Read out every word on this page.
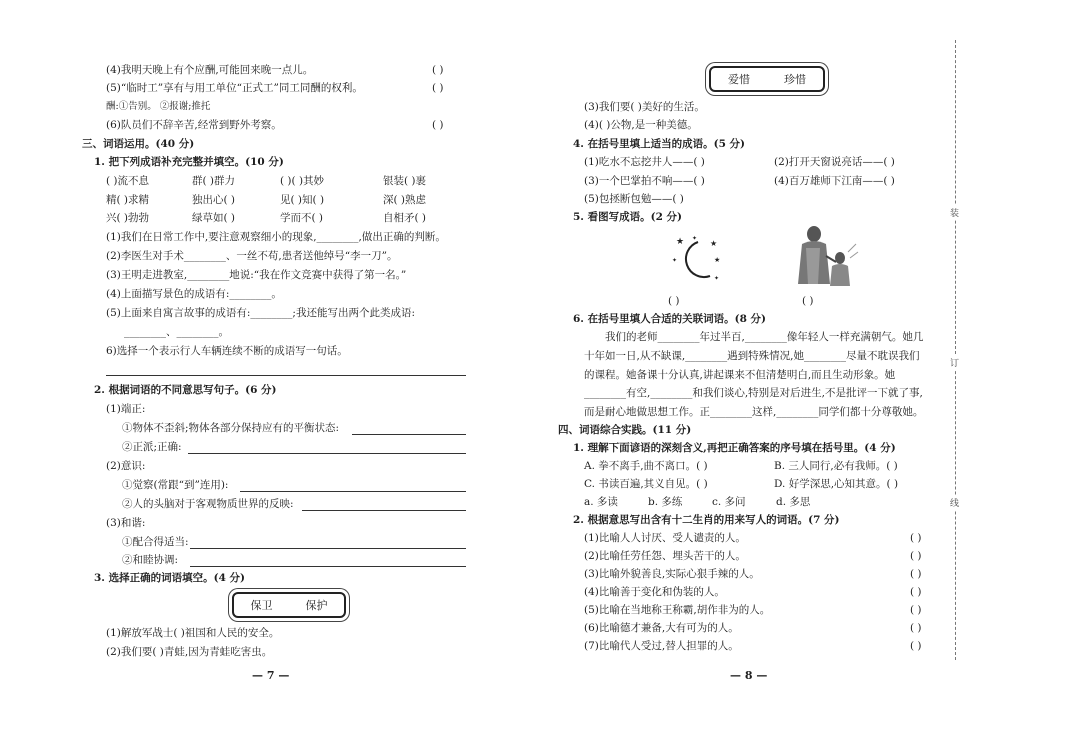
(4)我明天晚上有个应酬,可能回来晚一点儿。	( )
(5)“临时工”享有与用工单位“正式工”同工同酬的权利。	( )
酬:①告别。 ②报谢;推托
(6)队员们不辞辛苦,经常到野外考察。	( )
三、词语运用。(40 分)
1. 把下列成语补充完整并填空。(10 分)
( )流不息	群( )群力	( )( )其妙	银装( )裹
精( )求精	独出心( )	见( )知( )	深( )熟虑
兴( )勃勃	绿草如( )	学而不( )	自相矛( )
(1)我们在日常工作中,要注意观察细小的现象,________,做出正确的判断。
(2)李医生对手术________、一丝不苟,患者送他绰号“李一刀”。
(3)王明走进教室,________地说:“我在作文竞赛中获得了第一名。”
(4)上面描写景色的成语有:________。
(5)上面来自寓言故事的成语有:________;我还能写出两个此类成语:
________、________。
6)选择一个表示行人车辆连续不断的成语写一句话。
2. 根据词语的不同意思写句子。(6 分)
(1)端正:
①物体不歪斜;物体各部分保持应有的平衡状态:
②正派;正确:
(2)意识:
①觉察(常跟“到”连用):
②人的头脑对于客观物质世界的反映:
(3)和谐:
①配合得适当:
②和睦协调:
3. 选择正确的词语填空。(4 分)
保卫	保护
(1)解放军战士( )祖国和人民的安全。
(2)我们要( )青蛙,因为青蛙吃害虫。
— 7 —
爱惜	珍惜
(3)我们要( )美好的生活。
(4)( )公物,是一种美德。
4. 在括号里填上适当的成语。(5 分)
(1)吃水不忘挖井人——( )	(2)打开天窗说亮话——( )
(3)一个巴掌拍不响——( )	(4)百万雄师下江南——( )
(5)包拯断包勉——( )
5. 看图写成语。(2 分)
★	★
★
✦
✦
✦
( )	( )
6. 在括号里填人合适的关联词语。(8 分)
我们的老师________年过半百,________像年轻人一样充满朝气。她几
十年如一日,从不缺课,________遇到特殊情况,她________尽量不耽误我们
的课程。她备课十分认真,讲起课来不但清楚明白,而且生动形象。她
________有空,________和我们谈心,特别是对后进生,不是批评一下就了事,
而是耐心地做思想工作。正________这样,________同学们都十分尊敬她。
四、词语综合实践。(11 分)
1. 理解下面谚语的深刻含义,再把正确答案的序号填在括号里。(4 分)
A. 拳不离手,曲不离口。( )	B. 三人同行,必有我师。( )
C. 书读百遍,其义自见。( )	D. 好学深思,心知其意。( )
a. 多读	b. 多练	c. 多问	d. 多思
2. 根据意思写出含有十二生肖的用来写人的词语。(7 分)
(1)比喻人人讨厌、受人谴责的人。	( )
(2)比喻任劳任怨、埋头苦干的人。	( )
(3)比喻外貌善良,实际心狠手辣的人。	( )
(4)比喻善于变化和伪装的人。	( )
(5)比喻在当地称王称霸,胡作非为的人。	( )
(6)比喻德才兼备,大有可为的人。	( )
(7)比喻代人受过,替人担罪的人。	( )
— 8 —
装
订
线
